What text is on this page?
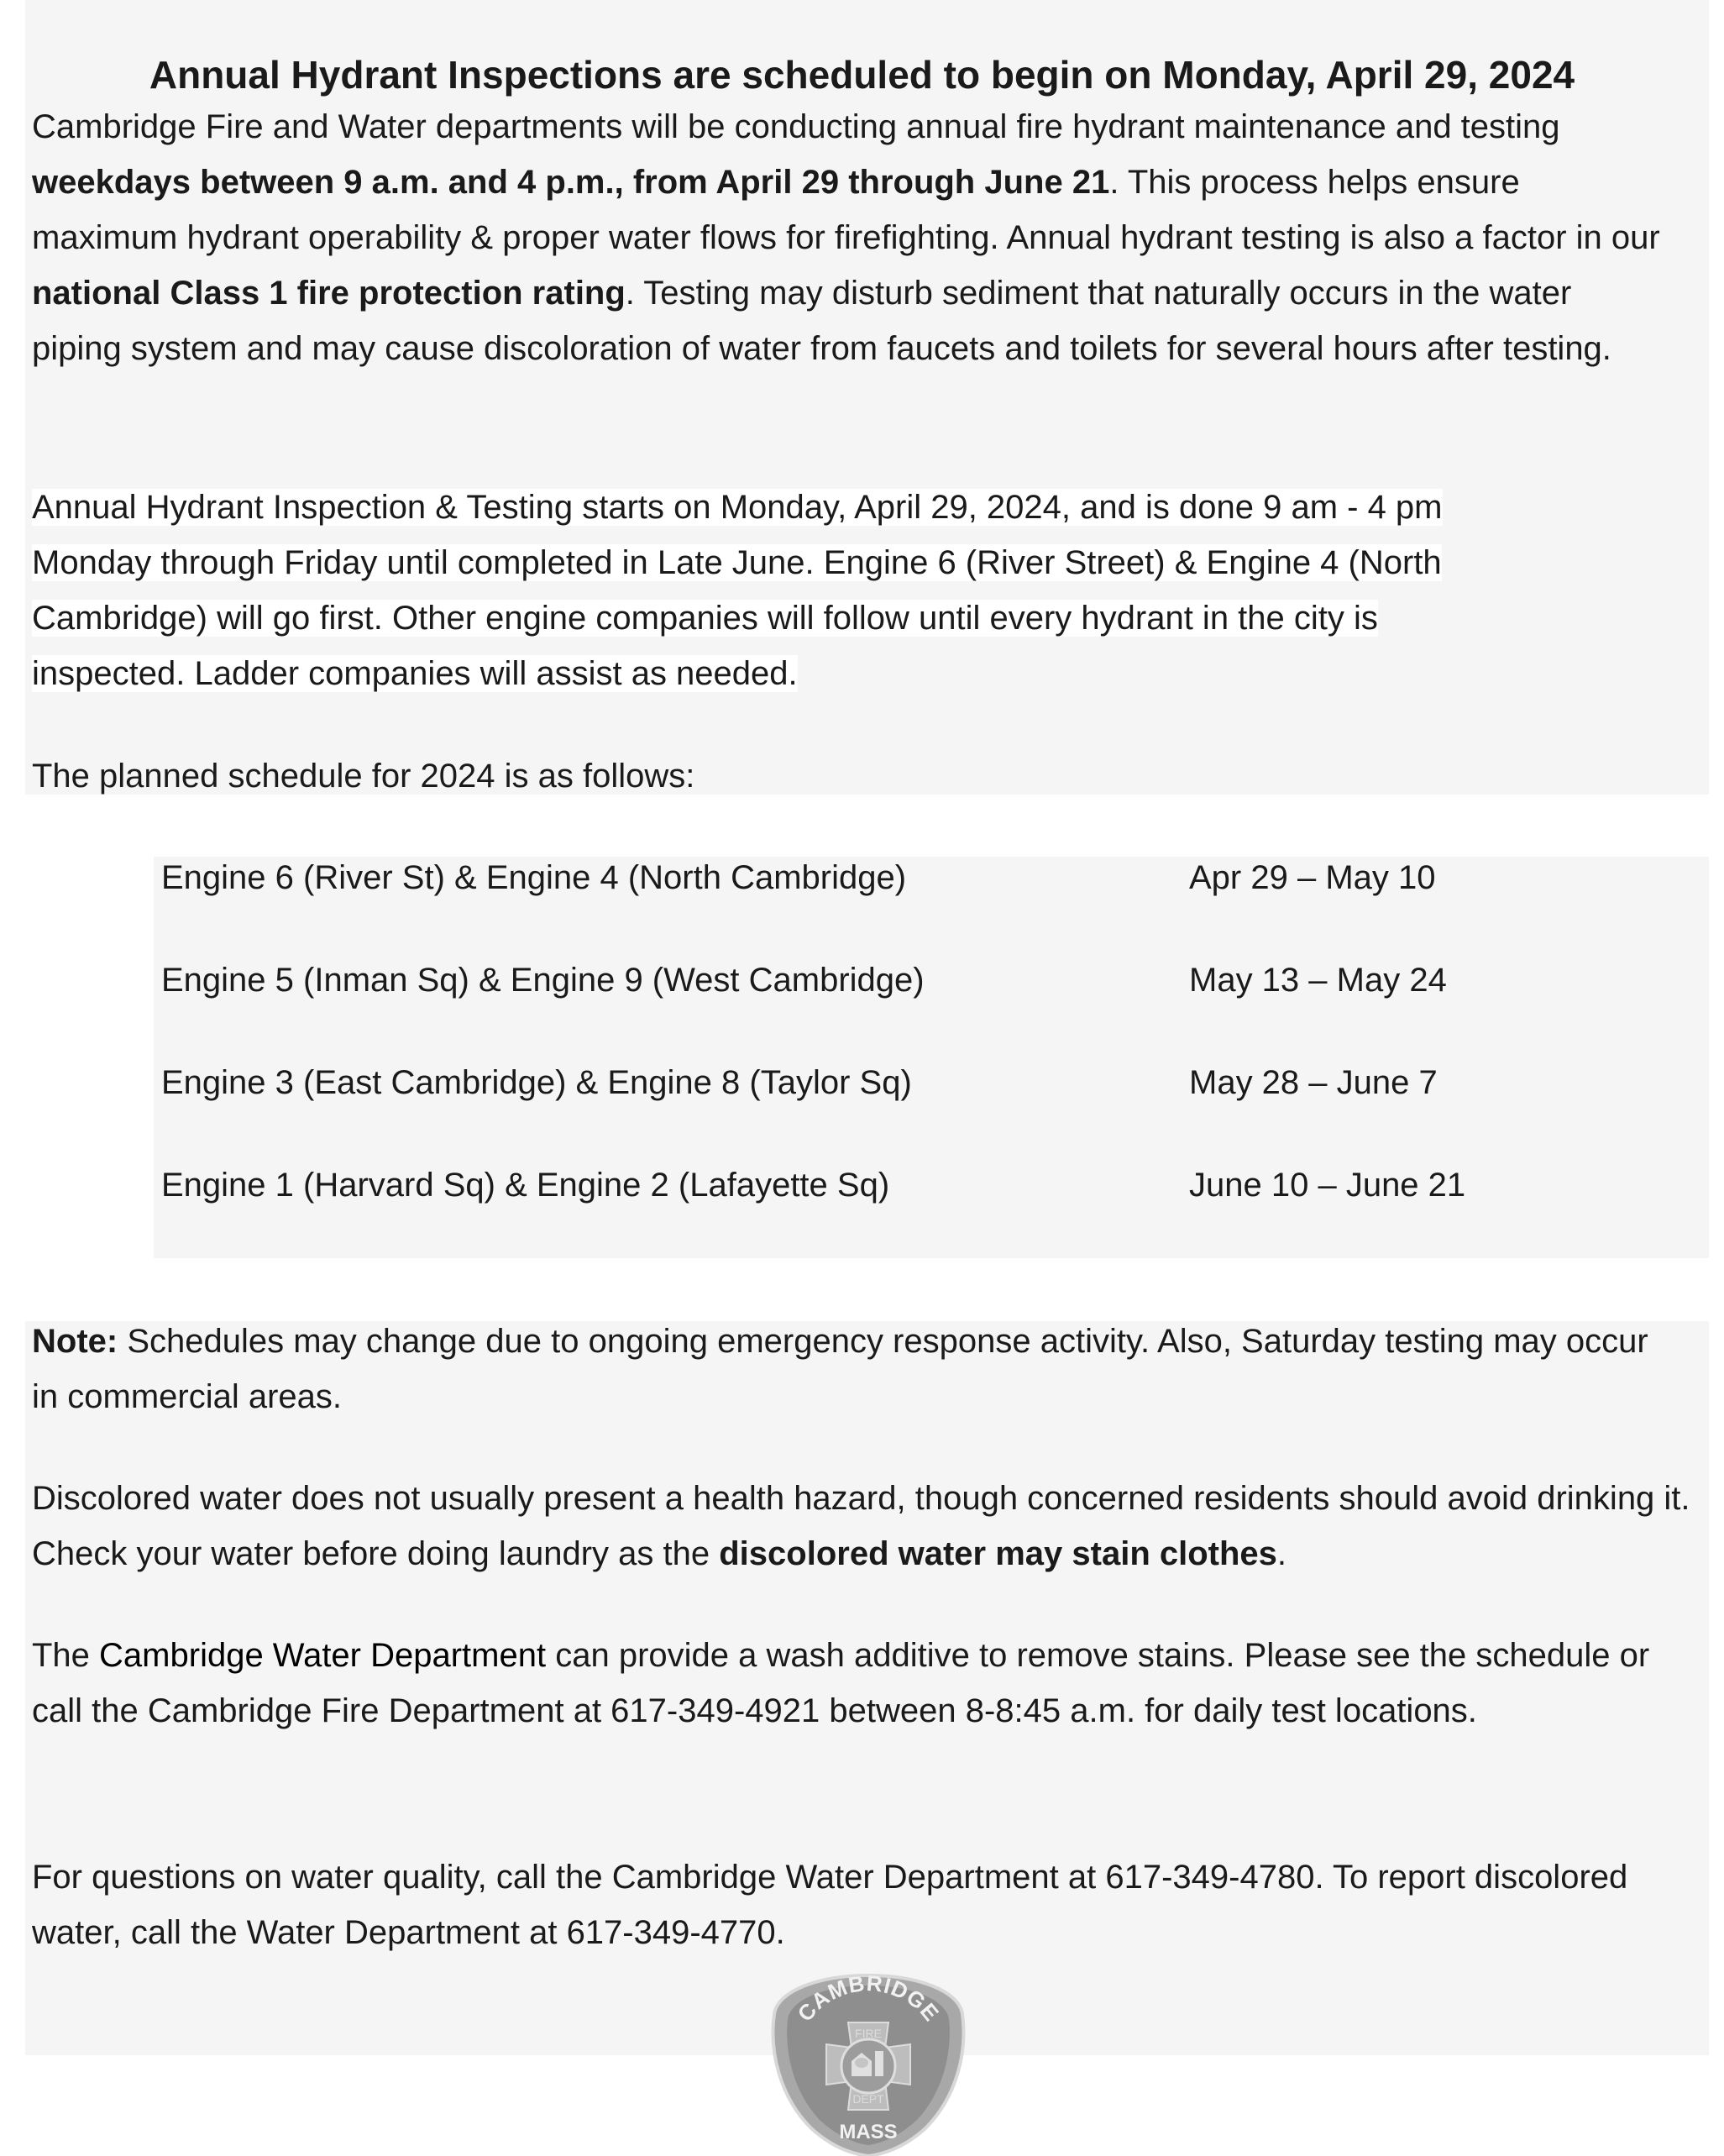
Annual Hydrant Inspections are scheduled to begin on Monday, April 29, 2024

Cambridge Fire and Water departments will be conducting annual fire hydrant maintenance and testing weekdays between 9 a.m. and 4 p.m., from April 29 through June 21. This process helps ensure maximum hydrant operability & proper water flows for firefighting. Annual hydrant testing is also a factor in our national Class 1 fire protection rating. Testing may disturb sediment that naturally occurs in the water piping system and may cause discoloration of water from faucets and toilets for several hours after testing.

Annual Hydrant Inspection & Testing starts on Monday, April 29, 2024, and is done 9 am - 4 pm
Monday through Friday until completed in Late June. Engine 6 (River Street) & Engine 4 (North
Cambridge) will go first. Other engine companies will follow until every hydrant in the city is
inspected. Ladder companies will assist as needed.

The planned schedule for 2024 is as follows:

Engine 6 (River St) & Engine 4 (North Cambridge)	Apr 29 – May 10
Engine 5 (Inman Sq) & Engine 9 (West Cambridge)	May 13 – May 24
Engine 3 (East Cambridge) & Engine 8 (Taylor Sq)	May 28 – June 7
Engine 1 (Harvard Sq) & Engine 2 (Lafayette Sq)	June 10 – June 21

Note: Schedules may change due to ongoing emergency response activity. Also, Saturday testing may occur in commercial areas.

Discolored water does not usually present a health hazard, though concerned residents should avoid drinking it. Check your water before doing laundry as the discolored water may stain clothes.

The Cambridge Water Department can provide a wash additive to remove stains. Please see the schedule or call the Cambridge Fire Department at 617-349-4921 between 8-8:45 a.m. for daily test locations.

For questions on water quality, call the Cambridge Water Department at 617-349-4780. To report discolored water, call the Water Department at 617-349-4770.

CAMBRIDGE
FIRE
DEPT
MASS
